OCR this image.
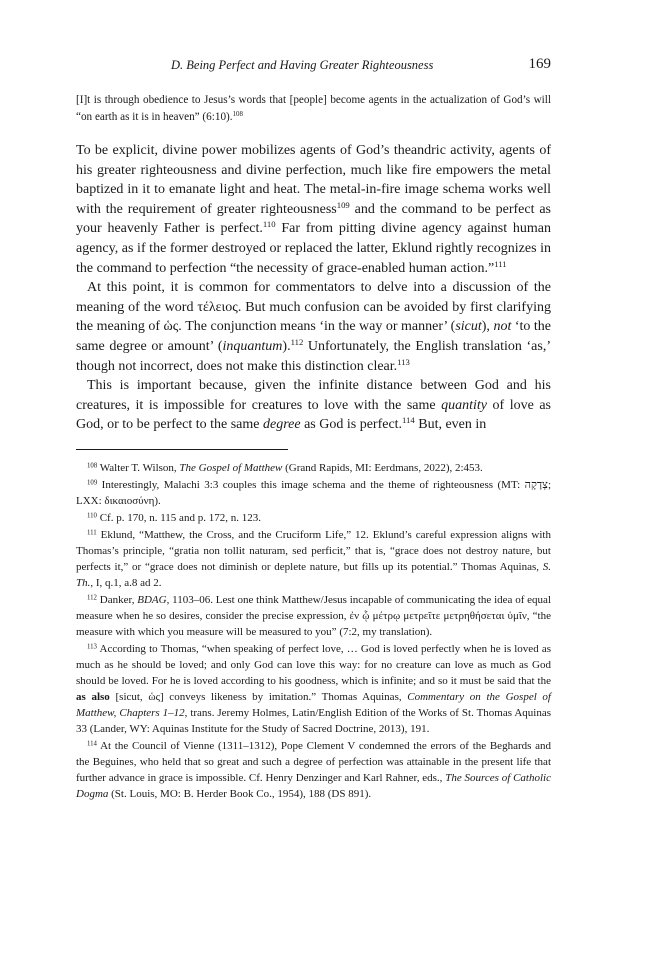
D. Being Perfect and Having Greater Righteousness	169
[I]t is through obedience to Jesus’s words that [people] become agents in the actualization of God’s will “on earth as it is in heaven” (6:10).$^{108}$

To be explicit, divine power mobilizes agents of God’s theandric activity, agents of his greater righteousness and divine perfection, much like fire empowers the metal baptized in it to emanate light and heat. The metal-in-fire image schema works well with the requirement of greater righteousness$^{109}$ and the command to be perfect as your heavenly Father is perfect.$^{110}$ Far from pitting divine agency against human agency, as if the former destroyed or replaced the latter, Eklund rightly recognizes in the command to perfection “the necessity of grace-enabled human action.”$^{111}$

At this point, it is common for commentators to delve into a discussion of the meaning of the word τέλειος. But much confusion can be avoided by first clarifying the meaning of ὡς. The conjunction means ‘in the way or manner’ (sicut), not ‘to the same degree or amount’ (inquantum).$^{112}$ Unfortunately, the English translation ‘as,’ though not incorrect, does not make this distinction clear.$^{113}$

This is important because, given the infinite distance between God and his creatures, it is impossible for creatures to love with the same quantity of love as God, or to be perfect to the same degree as God is perfect.$^{114}$ But, even in

$^{108}$ Walter T. Wilson, The Gospel of Matthew (Grand Rapids, MI: Eerdmans, 2022), 2:453.

$^{109}$ Interestingly, Malachi 3:3 couples this image schema and the theme of righteousness (MT: צְדָקָה; LXX: δικαιοσύνη).

$^{110}$ Cf. p. 170, n. 115 and p. 172, n. 123.

$^{111}$ Eklund, “Matthew, the Cross, and the Cruciform Life,” 12. Eklund’s careful expression aligns with Thomas’s principle, “gratia non tollit naturam, sed perficit,” that is, “grace does not destroy nature, but perfects it,” or “grace does not diminish or deplete nature, but fills up its potential.” Thomas Aquinas, S. Th., I, q.1, a.8 ad 2.

$^{112}$ Danker, BDAG, 1103–06. Lest one think Matthew/Jesus incapable of communicating the idea of equal measure when he so desires, consider the precise expression, ἐν ᾧ μέτρῳ μετρεῖτε μετρηθήσεται ὑμῖν, “the measure with which you measure will be measured to you” (7:2, my translation).

$^{113}$ According to Thomas, “when speaking of perfect love, … God is loved perfectly when he is loved as much as he should be loved; and only God can love this way: for no creature can love as much as God should be loved. For he is loved according to his goodness, which is infinite; and so it must be said that the as also [sicut, ὡς] conveys likeness by imitation.” Thomas Aquinas, Commentary on the Gospel of Matthew, Chapters 1–12, trans. Jeremy Holmes, Latin/English Edition of the Works of St. Thomas Aquinas 33 (Lander, WY: Aquinas Institute for the Study of Sacred Doctrine, 2013), 191.

$^{114}$ At the Council of Vienne (1311–1312), Pope Clement V condemned the errors of the Beghards and the Beguines, who held that so great and such a degree of perfection was attainable in the present life that further advance in grace is impossible. Cf. Henry Denzinger and Karl Rahner, eds., The Sources of Catholic Dogma (St. Louis, MO: B. Herder Book Co., 1954), 188 (DS 891).
